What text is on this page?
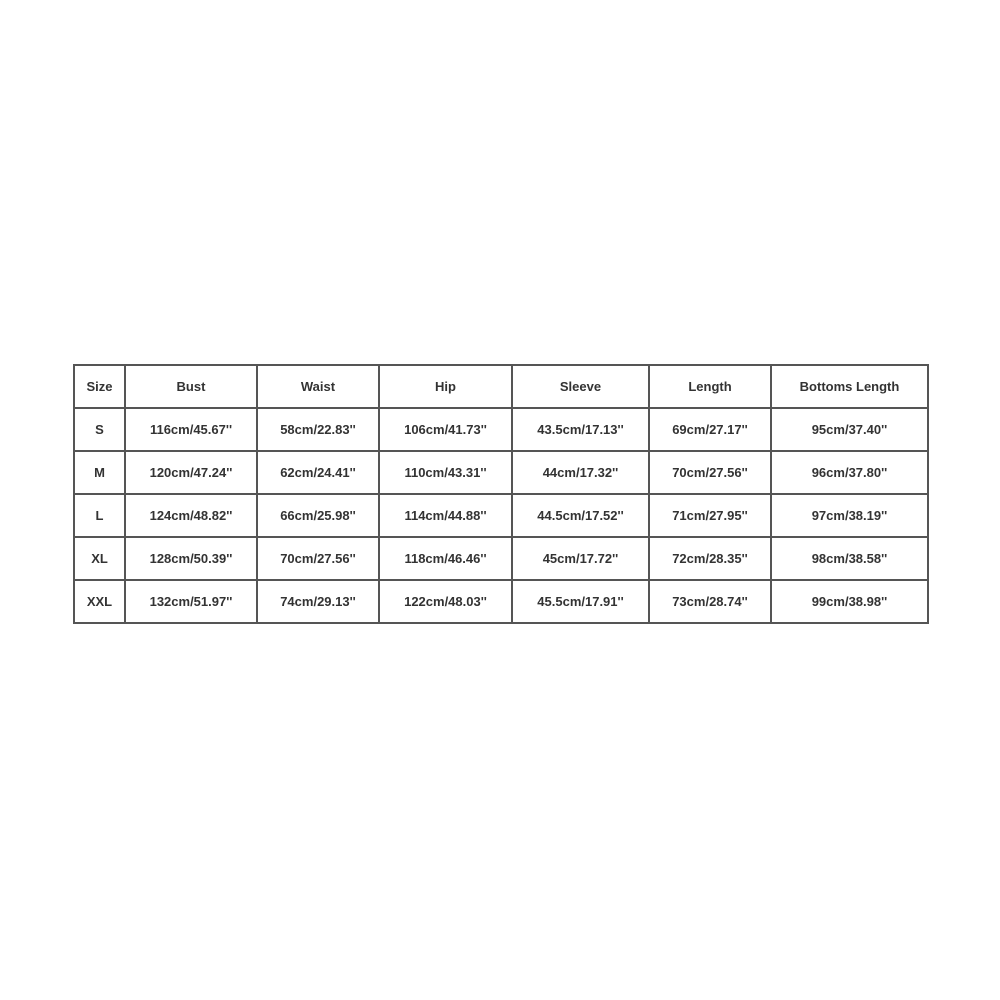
Size	Bust	Waist	Hip	Sleeve	Length	Bottoms Length
S	116cm/45.67''	58cm/22.83''	106cm/41.73''	43.5cm/17.13''	69cm/27.17''	95cm/37.40''
M	120cm/47.24''	62cm/24.41''	110cm/43.31''	44cm/17.32''	70cm/27.56''	96cm/37.80''
L	124cm/48.82''	66cm/25.98''	114cm/44.88''	44.5cm/17.52''	71cm/27.95''	97cm/38.19''
XL	128cm/50.39''	70cm/27.56''	118cm/46.46''	45cm/17.72''	72cm/28.35''	98cm/38.58''
XXL	132cm/51.97''	74cm/29.13''	122cm/48.03''	45.5cm/17.91''	73cm/28.74''	99cm/38.98''
